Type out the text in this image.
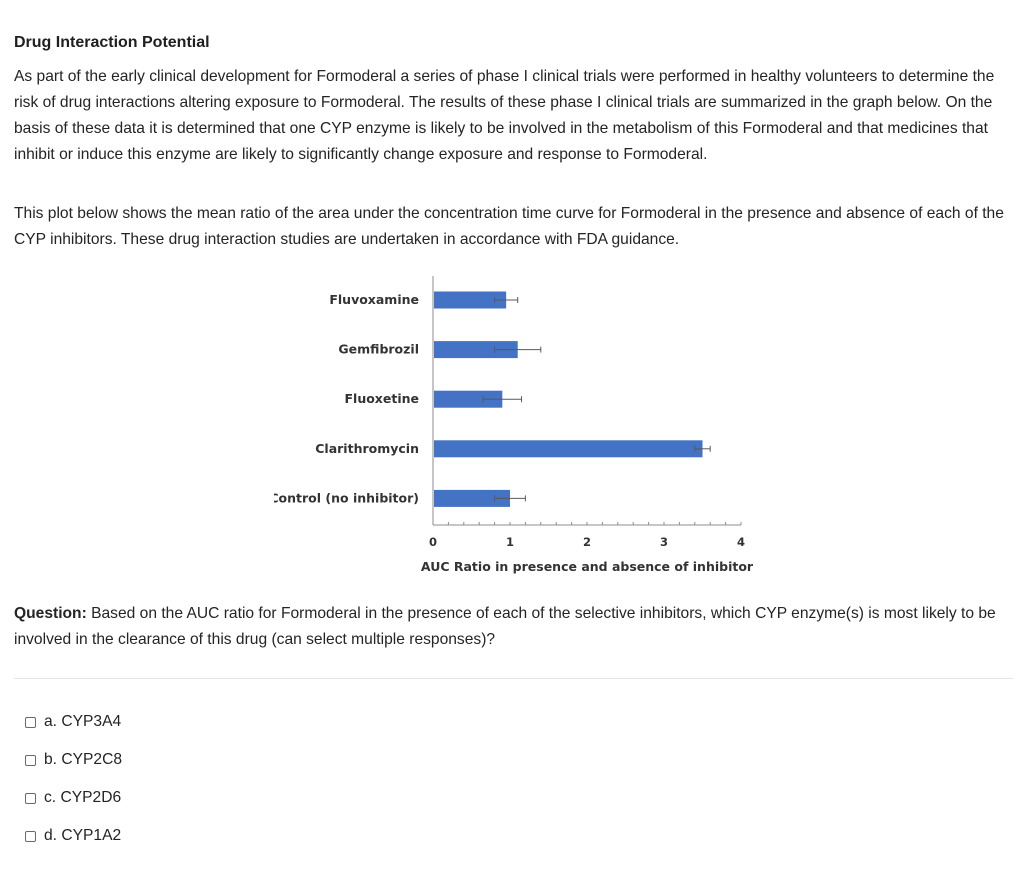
Drug Interaction Potential

As part of the early clinical development for Formoderal a series of phase I clinical trials were performed in healthy volunteers to determine the risk of drug interactions altering exposure to Formoderal. The results of these phase I clinical trials are summarized in the graph below. On the basis of these data it is determined that one CYP enzyme is likely to be involved in the metabolism of this Formoderal and that medicines that inhibit or induce this enzyme are likely to significantly change exposure and response to Formoderal.

This plot below shows the mean ratio of the area under the concentration time curve for Formoderal in the presence and absence of each of the CYP inhibitors. These drug interaction studies are undertaken in accordance with FDA guidance.

Fluvoxamine
Gemfibrozil
Fluoxetine
Clarithromycin
Control (no inhibitor)
0	1	2	3	4
AUC Ratio in presence and absence of inhibitor

Question: Based on the AUC ratio for Formoderal in the presence of each of the selective inhibitors, which CYP enzyme(s) is most likely to be involved in the clearance of this drug (can select multiple responses)?

a. CYP3A4
b. CYP2C8
c. CYP2D6
d. CYP1A2
